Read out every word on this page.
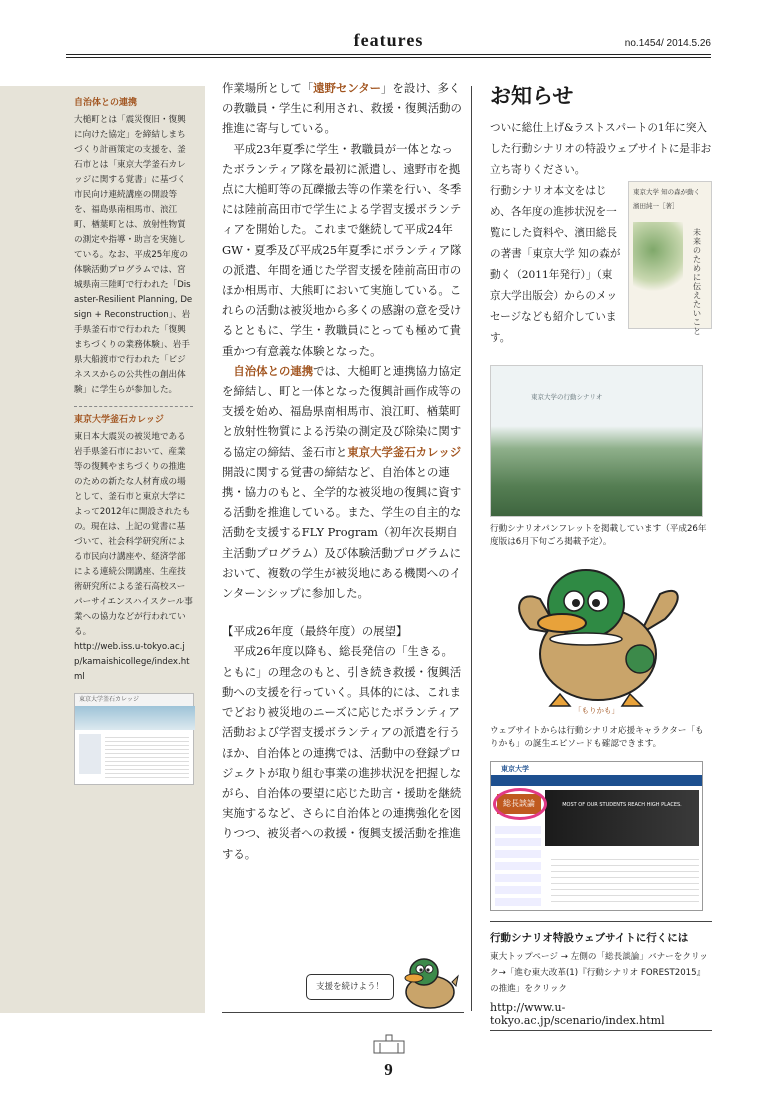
features	no.1454/ 2014.5.26
自治体との連携
大槌町とは「震災復旧・復興に向けた協定」を締結しまちづくり計画策定の支援を、釜石市とは「東京大学釜石カレッジに関する覚書」に基づく市民向け連続講座の開設等を、福島県南相馬市、浪江町、楢葉町とは、放射性物質の測定や指導・助言を実施している。なお、平成25年度の体験活動プログラムでは、宮城県南三陸町で行われた「Disaster-Resilient Planning, Design + Reconstruction」、岩手県釜石市で行われた「復興まちづくりの業務体験」、岩手県大船渡市で行われた「ビジネススからの公共性の創出体験」に学生らが参加した。
東京大学釜石カレッジ
東日本大震災の被災地である岩手県釜石市において、産業等の復興やまちづくりの推進のための新たな人材育成の場として、釜石市と東京大学によって2012年に開設されたもの。現在は、上記の覚書に基づいて、社会科学研究所による市民向け講座や、経済学部による連続公開講座、生産技術研究所による釜石高校スーパーサイエンスハイスクール事業への協力などが行われている。
http://web.iss.u-tokyo.ac.jp/kamaishicollege/index.html
東京大学釜石カレッジ

作業場所として「遠野センター」を設け、多くの教職員・学生に利用され、救援・復興活動の推進に寄与している。

平成23年夏季に学生・教職員が一体となったボランティア隊を最初に派遣し、遠野市を拠点に大槌町等の瓦礫撤去等の作業を行い、冬季には陸前高田市で学生による学習支援ボランティアを開始した。これまで継続して平成24年GW・夏季及び平成25年夏季にボランティア隊の派遣、年間を通じた学習支援を陸前高田市のほか相馬市、大熊町において実施している。これらの活動は被災地から多くの感謝の意を受けるとともに、学生・教職員にとっても極めて貴重かつ有意義な体験となった。

自治体との連携では、大槌町と連携協力協定を締結し、町と一体となった復興計画作成等の支援を始め、福島県南相馬市、浪江町、楢葉町と放射性物質による汚染の測定及び除染に関する協定の締結、釜石市と東京大学釜石カレッジ開設に関する覚書の締結など、自治体との連携・協力のもと、全学的な被災地の復興に資する活動を推進している。また、学生の自主的な活動を支援するFLY Program（初年次長期自主活動プログラム）及び体験活動プログラムにおいて、複数の学生が被災地にある機関へのインターンシップに参加した。

【平成26年度（最終年度）の展望】

平成26年度以降も、総長発信の「生きる。ともに」の理念のもと、引き続き救援・復興活動への支援を行っていく。具体的には、これまでどおり被災地のニーズに応じたボランティア活動および学習支援ボランティアの派遣を行うほか、自治体との連携では、活動中の登録プロジェクトが取り組む事業の進捗状況を把握しながら、自治体の要望に応じた助言・援助を継続実施するなど、さらに自治体との連携強化を図りつつ、被災者への救援・復興支援活動を推進する。

支援を続けよう！
お知らせ
ついに総仕上げ&ラストスパートの1年に突入した行動シナリオの特設ウェブサイトに是非お立ち寄りください。
東京大学 知の森が動く
濱田純一［著］
未来のために伝えたいこと
行動シナリオ本文をはじめ、各年度の進捗状況を一覧にした資料や、濱田総長の著書「東京大学 知の森が動く（2011年発行）」（東京大学出版会）からのメッセージなども紹介しています。
東京大学の行動シナリオ
行動シナリオパンフレットを掲載しています（平成26年度版は6月下旬ごろ掲載予定）。
「もりかも」
ウェブサイトからは行動シナリオ応援キャラクター「もりかも」の誕生エピソードも確認できます。
東京大学
MOST OF OUR STUDENTS REACH HIGH PLACES.
総長談論
行動シナリオ特設ウェブサイトに行くには
東大トップページ → 左側の「総長談論」バナーをクリック→「進む東大改革(1)『行動シナリオ FOREST2015』の推進」をクリック
http://www.u-tokyo.ac.jp/scenario/index.html
9
